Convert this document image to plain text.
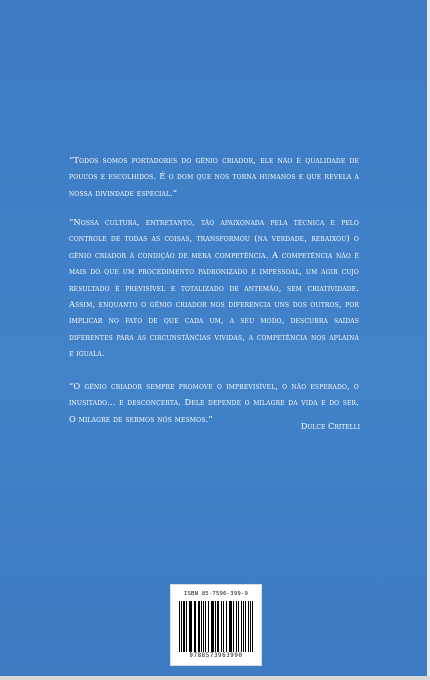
“Todos somos portadores do gênio criador, ele não é qualidade de poucos e escolhidos. É o dom que nos torna humanos e que revela a nossa divindade especial.”

“Nossa cultura, entretanto, tão apaixonada pela técnica e pelo controle de todas as coisas, transformou (na verdade, rebaixou) o gênio criador à condição de mera competência. A competência não é mais do que um procedimento padronizado e impessoal, um agir cujo resultado é previsível e totalizado de antemão, sem criatividade. Assim, enquanto o gênio criador nos diferencia uns dos outros, por implicar no fato de que cada um, a seu modo, descubra saídas diferentes para as circunstâncias vividas, a competência nos aplaina e iguala.

“O gênio criador sempre promove o imprevisível, o não esperado, o inusitado... e desconcerta. Dele depende o milagre da vida e do ser. O milagre de sermos nós mesmos.”

Dulce Critelli
ISBN 85-7596-399-9
9788573963990
